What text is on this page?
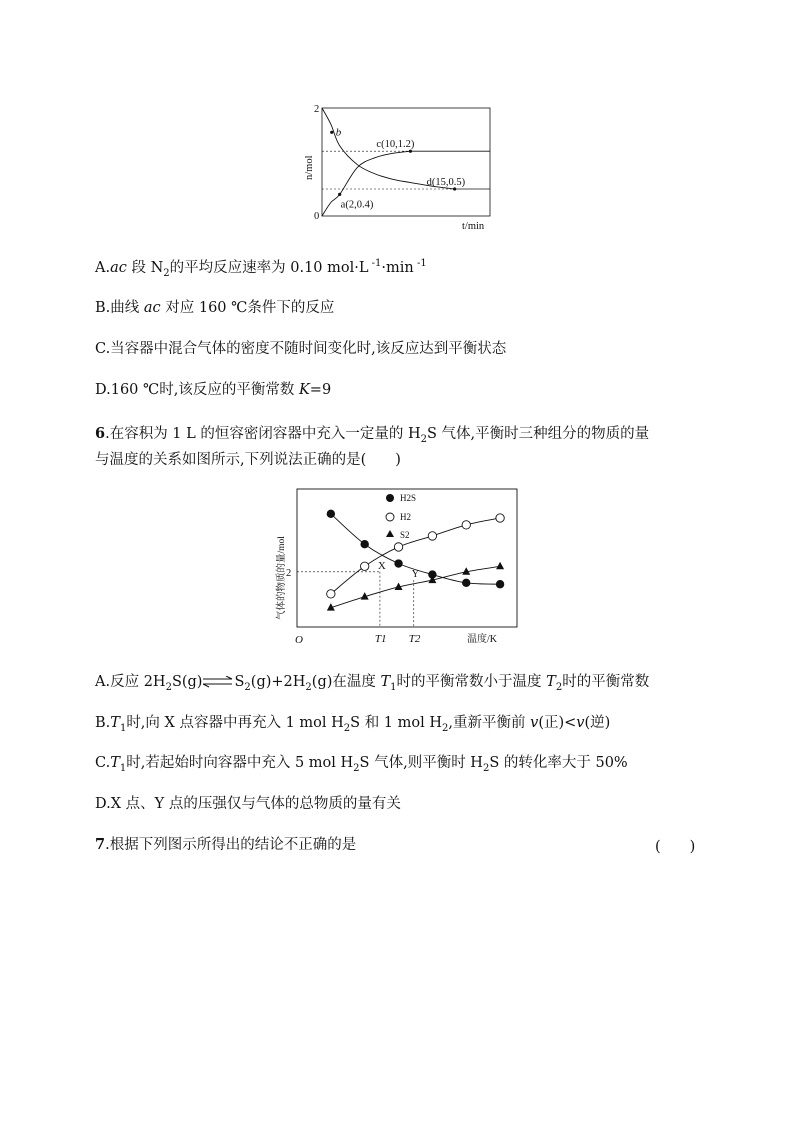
b
c(10,1.2)
d(15,0.5)
a(2,0.4)
2
0
n/mol
t/min
H2S
H2
S2
X
Y
2
O	T1 T2	温度/K
气体的物质的量/mol
A.ac 段 $N_2$的平均反应速率为 0.10 mol·L $^{-1}$·min $^{-1}$
B.曲线 ac 对应 160 ℃条件下的反应
C.当容器中混合气体的密度不随时间变化时,该反应达到平衡状态
D.160 ℃时,该反应的平衡常数 K=9
6.在容积为 1 L 的恒容密闭容器中充入一定量的 $H_2S$ 气体,平衡时三种组分的物质的量
与温度的关系如图所示,下列说法正确的是(　　)
A.反应 $2H_2S(g)\rightleftharpoons S_2(g)+2H_2(g)$在温度 $T_1$时的平衡常数小于温度 $T_2$时的平衡常数
$B.T_1$时,向 X 点容器中再充入 1 mol $H_2S$ 和 1 mol $H_2$,重新平衡前 v(正)<v(逆)
$C.T_1$时,若起始时向容器中充入 5 mol $H_2S$ 气体,则平衡时 $H_2S$ 的转化率大于 50%
D.X 点、Y 点的压强仅与气体的总物质的量有关
7.根据下列图示所得出的结论不正确的是	(　　)
